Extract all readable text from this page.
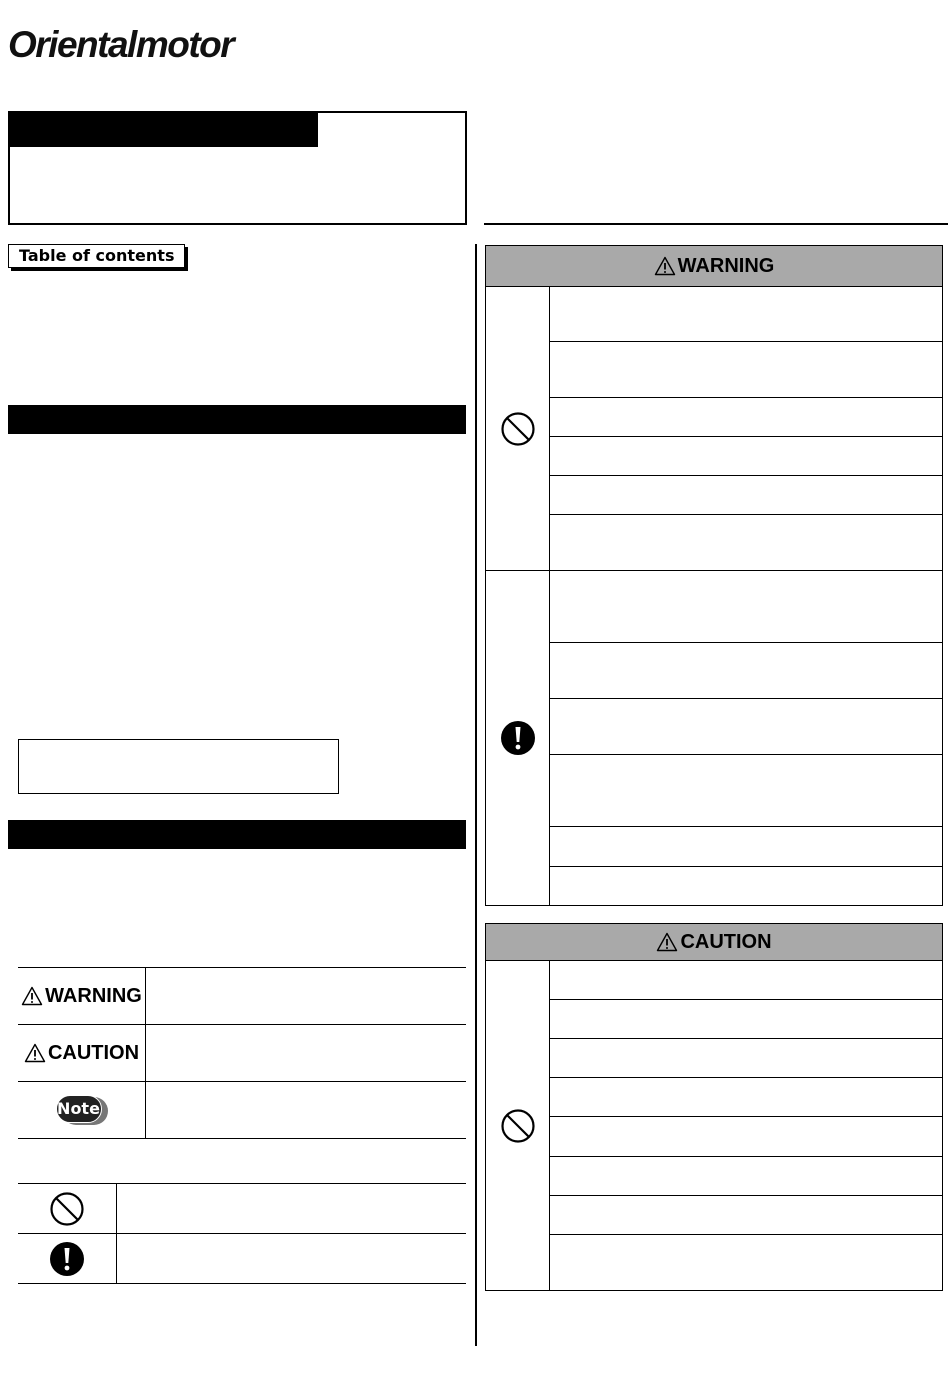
Orientalmotor
Table of contents
WARNING
CAUTION
Note
WARNING
CAUTION
